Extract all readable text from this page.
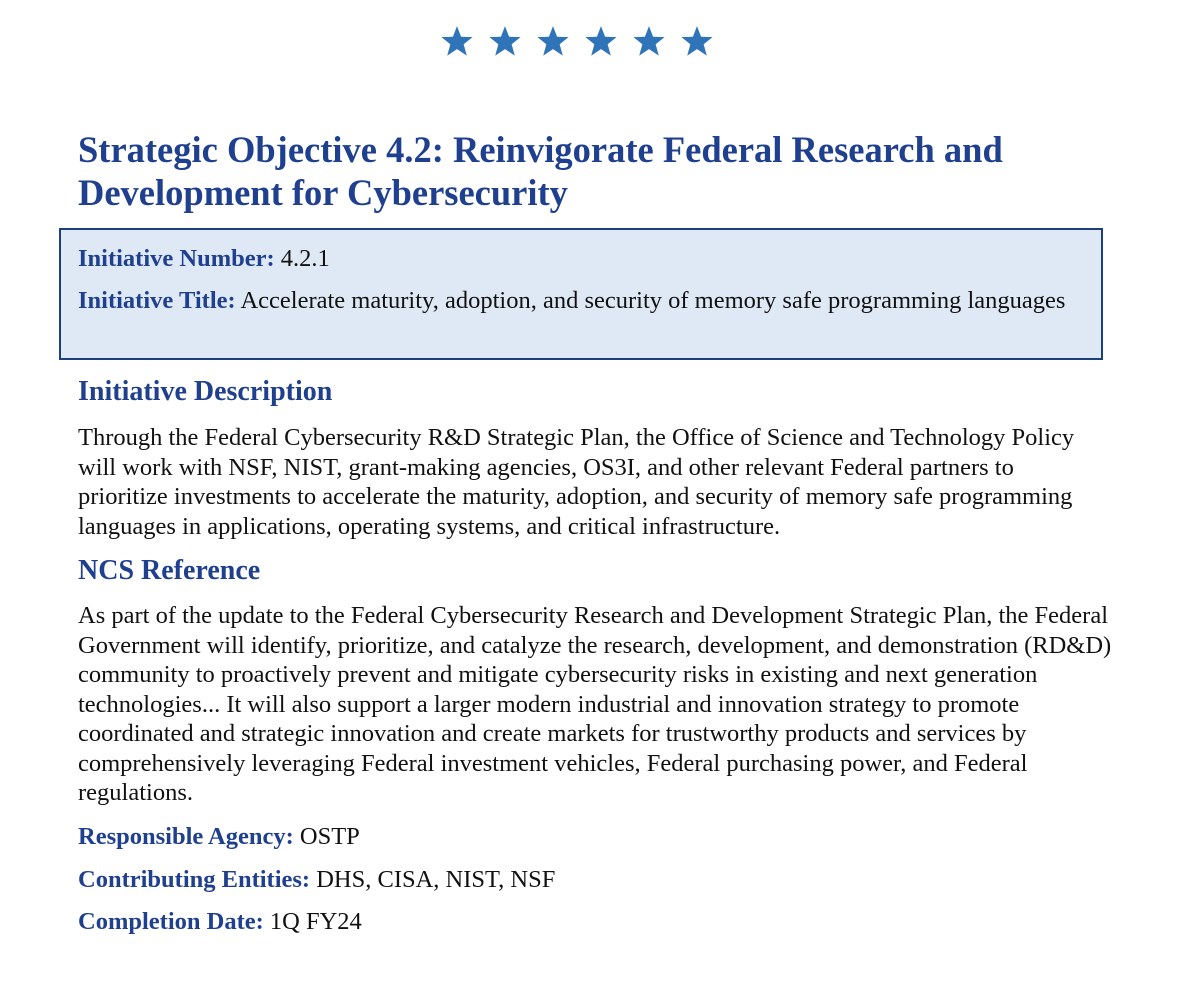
Strategic Objective 4.2: Reinvigorate Federal Research and Development for Cybersecurity

Initiative Number: 4.2.1

Initiative Title: Accelerate maturity, adoption, and security of memory safe programming languages

Initiative Description

Through the Federal Cybersecurity R&D Strategic Plan, the Office of Science and Technology Policy will work with NSF, NIST, grant-making agencies, OS3I, and other relevant Federal partners to prioritize investments to accelerate the maturity, adoption, and security of memory safe programming languages in applications, operating systems, and critical infrastructure.

NCS Reference

As part of the update to the Federal Cybersecurity Research and Development Strategic Plan, the Federal Government will identify, prioritize, and catalyze the research, development, and demonstration (RD&D) community to proactively prevent and mitigate cybersecurity risks in existing and next generation technologies... It will also support a larger modern industrial and innovation strategy to promote coordinated and strategic innovation and create markets for trustworthy products and services by comprehensively leveraging Federal investment vehicles, Federal purchasing power, and Federal regulations.

Responsible Agency: OSTP

Contributing Entities: DHS, CISA, NIST, NSF

Completion Date: 1Q FY24
